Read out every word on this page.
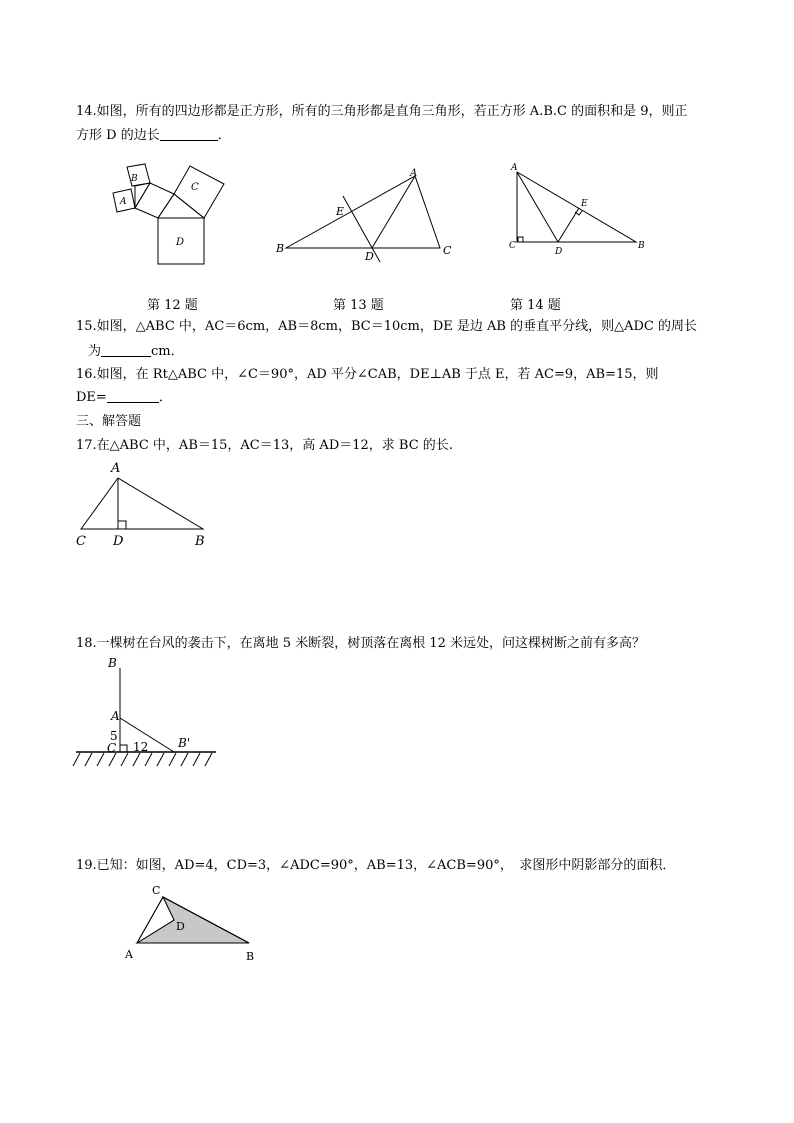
14.如图，所有的四边形都是正方形，所有的三角形都是直角三角形，若正方形 A.B.C 的面积和是 9，则正
方形 D 的边长	．
D
C
B
A
A
B	C
D
E
A
B
C
D
E
A
C D	B
B
A
5
C 12 B'
C
D
A	B
第 12 题	第 13 题	第 14 题
15.如图，△ABC 中，AC＝6cm，AB＝8cm，BC＝10cm，DE 是边 AB 的垂直平分线，则△ADC 的周长
为	cm．
16.如图，在 Rt△ABC 中，∠C＝90°，AD 平分∠CAB，DE⊥AB 于点 E，若 AC=9，AB=15，则
DE=	．
三、解答题
17.在△ABC 中，AB＝15，AC＝13，高 AD＝12，求 BC 的长.
18.一棵树在台风的袭击下，在离地 5 米断裂，树顶落在离根 12 米远处，问这棵树断之前有多高？
19.已知：如图，AD=4，CD=3，∠ADC=90°，AB=13，∠ACB=90°，　求图形中阴影部分的面积．
